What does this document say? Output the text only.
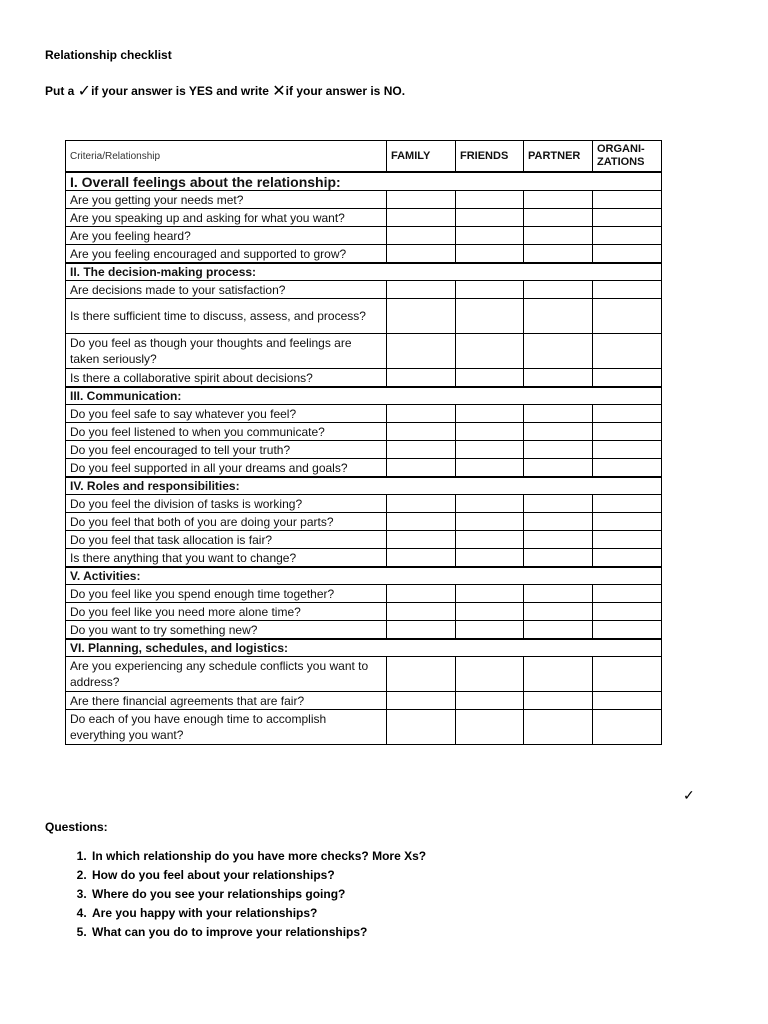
Relationship checklist
Put a ✓if your answer is YES and write ✕if your answer is NO.
Criteria/Relationship	FAMILY	FRIENDS	PARTNER	ORGANI-
ZATIONS
I. Overall feelings about the relationship:				
Are you getting your needs met?				
Are you speaking up and asking for what you want?				
Are you feeling heard?				
Are you feeling encouraged and supported to grow?				
II. The decision-making process:				
Are decisions made to your satisfaction?				
Is there sufficient time to discuss, assess, and process?				
Do you feel as though your thoughts and feelings are taken seriously?				
Is there a collaborative spirit about decisions?				
III. Communication:				
Do you feel safe to say whatever you feel?				
Do you feel listened to when you communicate?				
Do you feel encouraged to tell your truth?				
Do you feel supported in all your dreams and goals?				
IV. Roles and responsibilities:				
Do you feel the division of tasks is working?				
Do you feel that both of you are doing your parts?				
Do you feel that task allocation is fair?				
Is there anything that you want to change?				
V. Activities:				
Do you feel like you spend enough time together?				
Do you feel like you need more alone time?				
Do you want to try something new?				
VI. Planning, schedules, and logistics:				
Are you experiencing any schedule conflicts you want to address?				
Are there financial agreements that are fair?				
Do each of you have enough time to accomplish everything you want?				
✓
Questions:
1. In which relationship do you have more checks? More Xs?
2. How do you feel about your relationships?
3. Where do you see your relationships going?
4. Are you happy with your relationships?
5. What can you do to improve your relationships?
